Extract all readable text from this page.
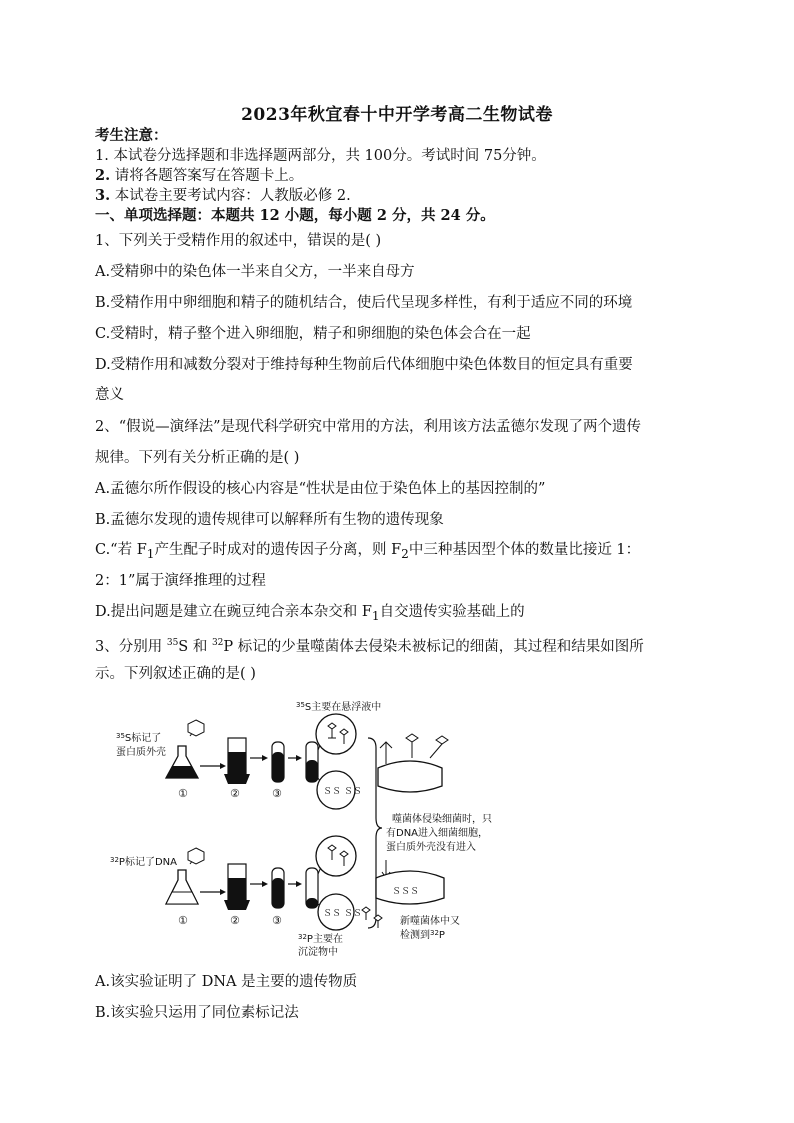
2023年秋宜春十中开学考高二生物试卷
考生注意：
1. 本试卷分选择题和非选择题两部分，共 100分。考试时间 75分钟。
2. 请将各题答案写在答题卡上。
3. 本试卷主要考试内容：人教版必修 2.
一、单项选择题：本题共 12 小题，每小题 2 分，共 24 分。
1、下列关于受精作用的叙述中，错误的是( )
A.受精卵中的染色体一半来自父方，一半来自母方
B.受精作用中卵细胞和精子的随机结合，使后代呈现多样性，有利于适应不同的环境
C.受精时，精子整个进入卵细胞，精子和卵细胞的染色体会合在一起
D.受精作用和减数分裂对于维持每种生物前后代体细胞中染色体数目的恒定具有重要
意义
2、“假说—演绎法”是现代科学研究中常用的方法，利用该方法孟德尔发现了两个遗传
规律。下列有关分析正确的是( )
A.孟德尔所作假设的核心内容是“性状是由位于染色体上的基因控制的”
B.孟德尔发现的遗传规律可以解释所有生物的遗传现象
C.“若 $F_1$产生配子时成对的遗传因子分离，则 $F_2$中三种基因型个体的数量比接近 1：
2：1”属于演绎推理的过程
D.提出问题是建立在豌豆纯合亲本杂交和 $F_1$自交遗传实验基础上的
3、分别用 $^{35}$S 和 $^{32}$P 标记的少量噬菌体去侵染未被标记的细菌，其过程和结果如图所
示。下列叙述正确的是( )
$^{35}$S主要在悬浮液中
$^{35}$S标记了
蛋白质外壳
①	②	③	ＳＳ ＳＳ
噬菌体侵染细菌时，只
有DNA进入细菌细胞，
蛋白质外壳没有进入
ＳＳＳ
$^{32}$P标记了DNA
①	②	③	ＳＳ ＳＳ
$^{32}$P主要在
沉淀物中
新噬菌体中又
检测到$^{32}$P
A.该实验证明了 DNA 是主要的遗传物质
B.该实验只运用了同位素标记法
